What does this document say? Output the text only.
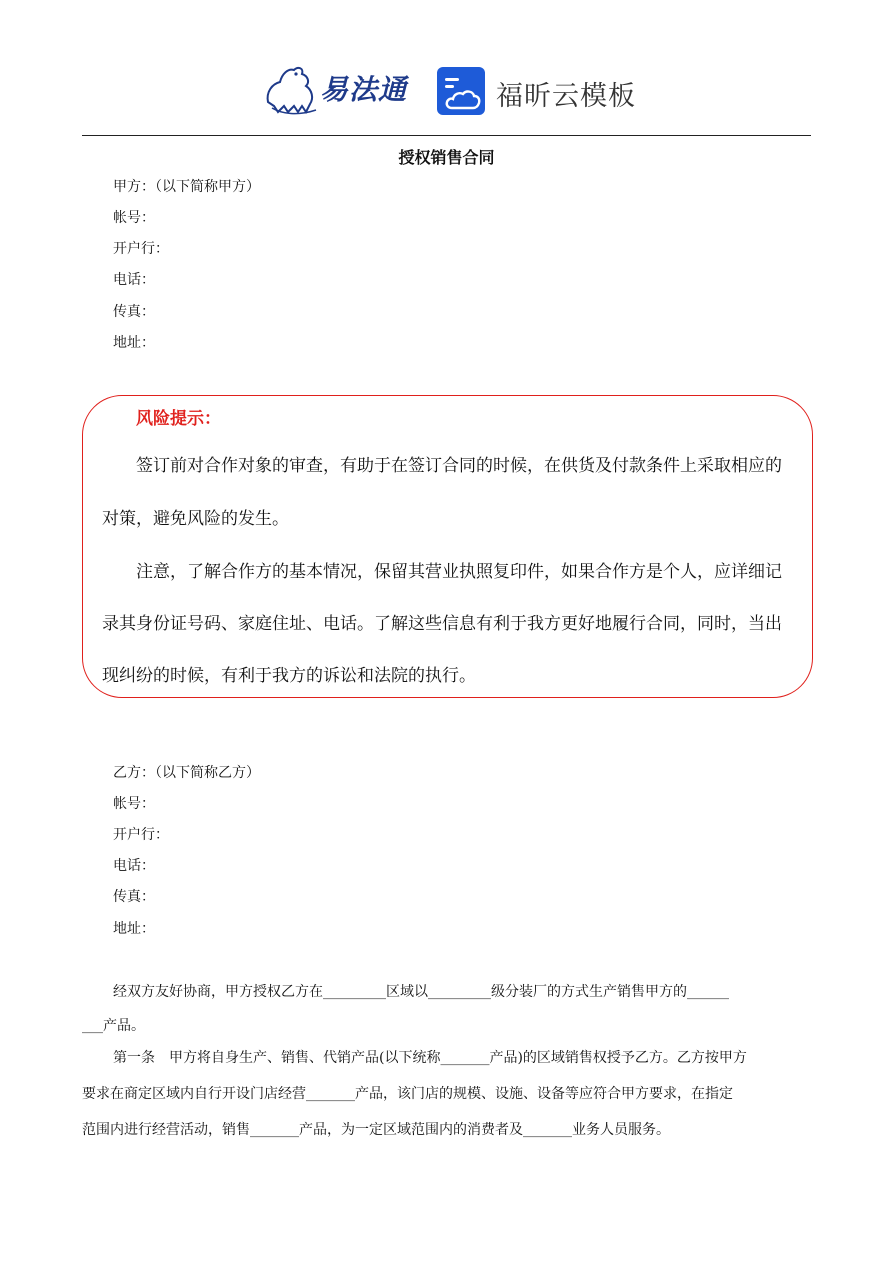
易法通	福昕云模板
授权销售合同
甲方：（以下简称甲方）
帐号：
开户行：
电话：
传真：
地址：
风险提示：
签订前对合作对象的审查，有助于在签订合同的时候，在供货及付款条件上采取相应的
对策，避免风险的发生。
注意，了解合作方的基本情况，保留其营业执照复印件，如果合作方是个人，应详细记
录其身份证号码、家庭住址、电话。了解这些信息有利于我方更好地履行合同，同时，当出
现纠纷的时候，有利于我方的诉讼和法院的执行。
乙方：（以下简称乙方）
帐号：
开户行：
电话：
传真：
地址：
经双方友好协商，甲方授权乙方在_________区域以_________级分装厂的方式生产销售甲方的______
___产品。
第一条　甲方将自身生产、销售、代销产品(以下统称_______产品)的区域销售权授予乙方。乙方按甲方
要求在商定区域内自行开设门店经营_______产品，该门店的规模、设施、设备等应符合甲方要求，在指定
范围内进行经营活动，销售_______产品，为一定区域范围内的消费者及_______业务人员服务。
